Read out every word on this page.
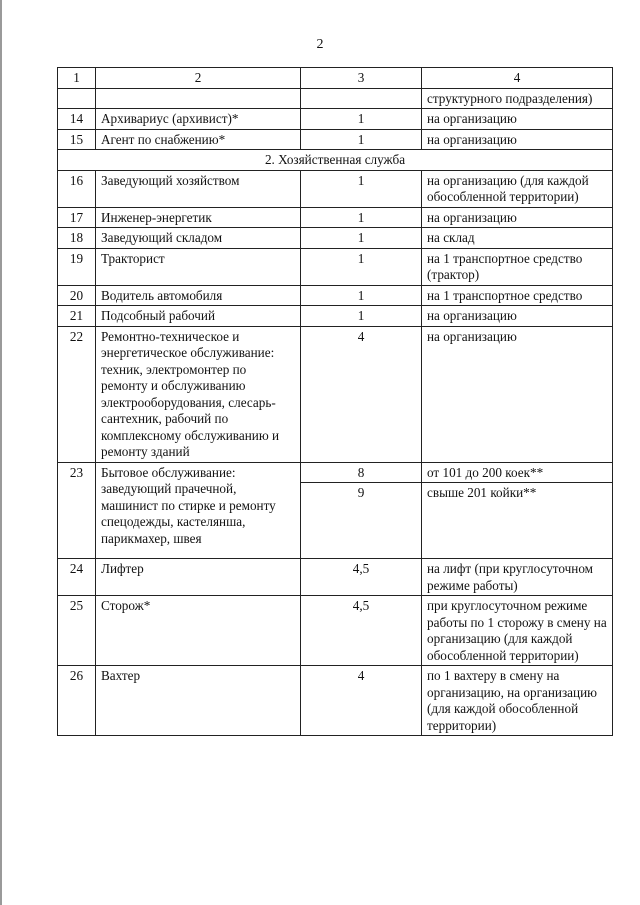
2
1	2	3	4
			структурного подразделения)
14	Архивариус (архивист)*	1	на организацию
15	Агент по снабжению*	1	на организацию
2. Хозяйственная служба			
16	Заведующий хозяйством	1	на организацию (для каждой обособленной территории)
17	Инженер-энергетик	1	на организацию
18	Заведующий складом	1	на склад
19	Тракторист	1	на 1 транспортное средство (трактор)
20	Водитель автомобиля	1	на 1 транспортное средство
21	Подсобный рабочий	1	на организацию
22	Ремонтно-техническое и энергетическое обслуживание: техник, электромонтер по ремонту и обслуживанию электрооборудования, слесарь-сантехник, рабочий по комплексному обслуживанию и ремонту зданий	4	на организацию
23	Бытовое обслуживание: заведующий прачечной, машинист по стирке и ремонту спецодежды, кастелянша, парикмахер, швея	8	от 101 до 200 коек**
		9	свыше 201 койки**
24	Лифтер	4,5	на лифт (при круглосуточном режиме работы)
25	Сторож*	4,5	при круглосуточном режиме работы по 1 сторожу в смену на организацию (для каждой обособленной территории)
26	Вахтер	4	по 1 вахтеру в смену на организацию, на организацию (для каждой обособленной территории)
